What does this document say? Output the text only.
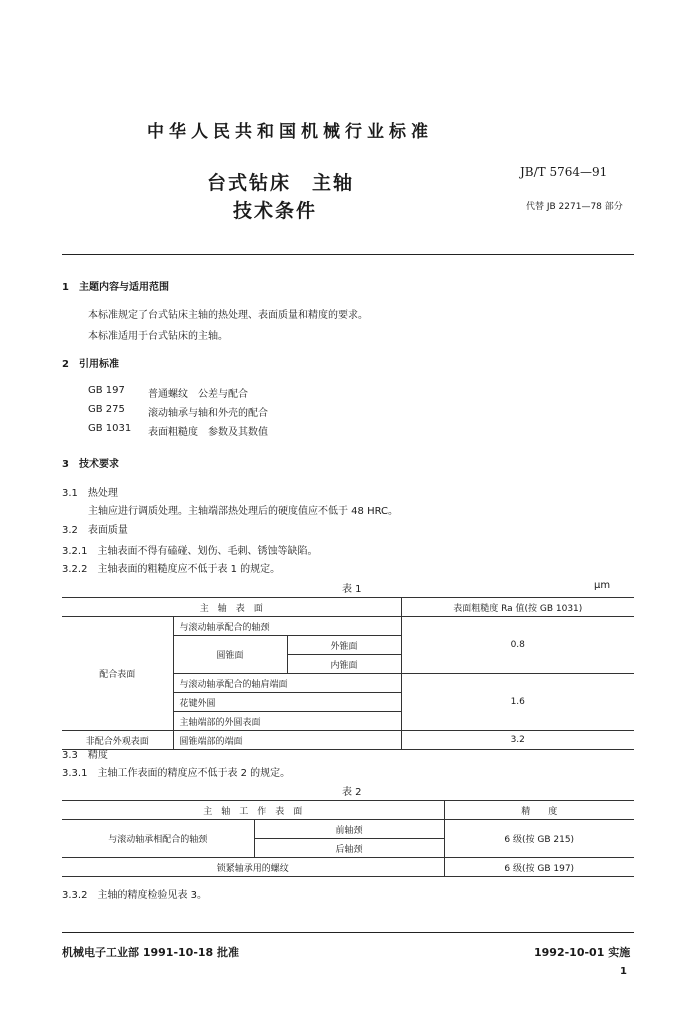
中华人民共和国机械行业标准
台式钻床　主轴
技术条件
JB/T 5764—91
代替 JB 2271—78 部分
1　主题内容与适用范围
本标准规定了台式钻床主轴的热处理、表面质量和精度的要求。
本标准适用于台式钻床的主轴。
2　引用标准
GB 197 普通螺纹　公差与配合
GB 275 滚动轴承与轴和外壳的配合
GB 1031 表面粗糙度　参数及其数值
3　技术要求
3.1　热处理
主轴应进行调质处理。主轴端部热处理后的硬度值应不低于 48 HRC。
3.2　表面质量
3.2.1　主轴表面不得有磕碰、划伤、毛刺、锈蚀等缺陷。
3.2.2　主轴表面的粗糙度应不低于表 1 的规定。
表 1	μm
主　轴　表　面			表面粗糙度 Ra 值(按 GB 1031)
配合表面	与滚动轴承配合的轴颈		0.8
	圆锥面	外锥面	
		内锥面	
	与滚动轴承配合的轴肩端面		1.6
	花键外圆		
	主轴端部的外圆表面		
非配合外观表面	圆锥端部的端面		3.2
3.3　精度
3.3.1　主轴工作表面的精度应不低于表 2 的规定。
表 2
主　轴　工　作　表　面		精　　度
与滚动轴承相配合的轴颈	前轴颈	6 级(按 GB 215)
	后轴颈	
锁紧轴承用的螺纹		6 级(按 GB 197)
3.3.2　主轴的精度检验见表 3。
机械电子工业部 1991-10-18 批准	1992-10-01 实施
1
